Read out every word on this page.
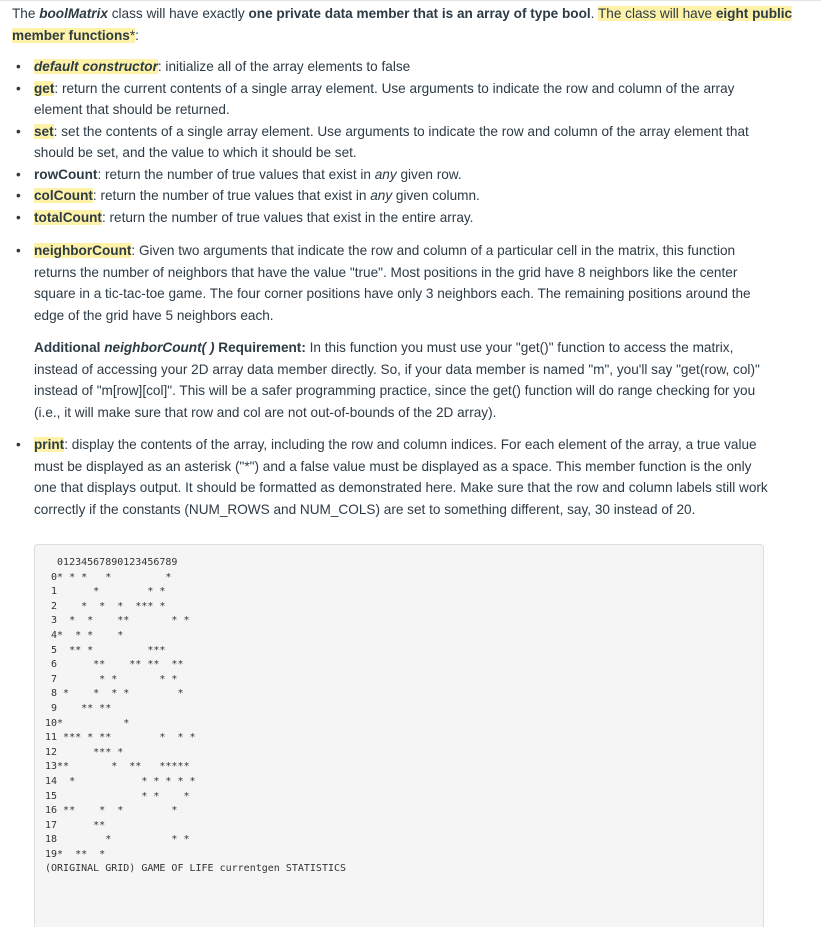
The boolMatrix class will have exactly one private data member that is an array of type bool. The class will have eight public member functions*:
• default constructor: initialize all of the array elements to false
• get: return the current contents of a single array element. Use arguments to indicate the row and column of the array element that should be returned.
• set: set the contents of a single array element. Use arguments to indicate the row and column of the array element that should be set, and the value to which it should be set.
• rowCount: return the number of true values that exist in any given row.
• colCount: return the number of true values that exist in any given column.
• totalCount: return the number of true values that exist in the entire array.
• neighborCount: Given two arguments that indicate the row and column of a particular cell in the matrix, this function returns the number of neighbors that have the value "true". Most positions in the grid have 8 neighbors like the center square in a tic-tac-toe game. The four corner positions have only 3 neighbors each. The remaining positions around the edge of the grid have 5 neighbors each.
Additional neighborCount( ) Requirement: In this function you must use your "get()" function to access the matrix, instead of accessing your 2D array data member directly. So, if your data member is named "m", you'll say "get(row, col)" instead of "m[row][col]". This will be a safer programming practice, since the get() function will do range checking for you (i.e., it will make sure that row and col are not out-of-bounds of the 2D array).
• print: display the contents of the array, including the row and column indices. For each element of the array, a true value must be displayed as an asterisk ("*") and a false value must be displayed as a space. This member function is the only one that displays output. It should be formatted as demonstrated here. Make sure that the row and column labels still work correctly if the constants (NUM_ROWS and NUM_COLS) are set to something different, say, 30 instead of 20.
01234567890123456789
0* * *   *         *
1      *        * *
2    *  *  *  *** *
3  *  *    **       * *
4*  * *    *
5  ** *         ***
6      **    ** **  **
7       * *       * *
8 *    *  * *        *
9    ** **
10*          *
11 *** * **        *  * *
12      *** *
13**       *  **   *****
14  *           * * * * *
15              * *    *
16 **    *  *        *
17      **
18        *          * *
19*  **  *
(ORIGINAL GRID) GAME OF LIFE currentgen STATISTICS
